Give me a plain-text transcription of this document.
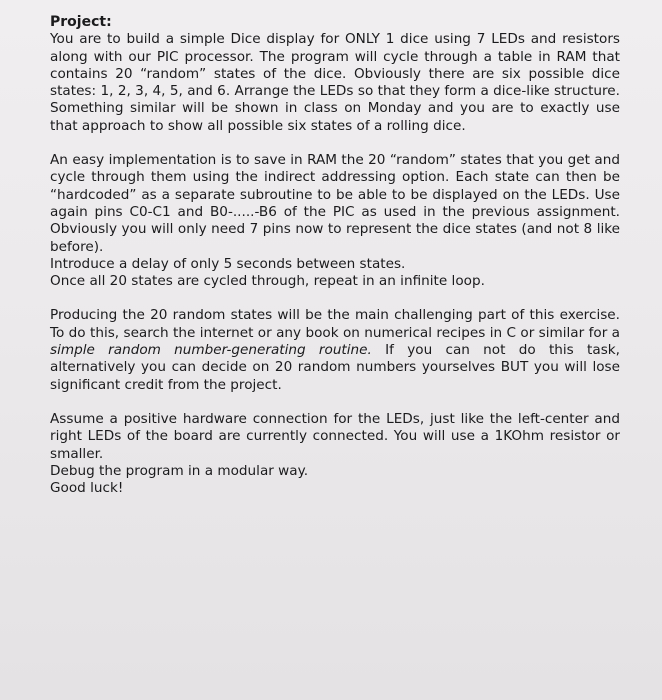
Project:

You are to build a simple Dice display for ONLY 1 dice using 7 LEDs and resistors along with our PIC processor. The program will cycle through a table in RAM that contains 20 “random” states of the dice. Obviously there are six possible dice states: 1, 2, 3, 4, 5, and 6. Arrange the LEDs so that they form a dice-like structure. Something similar will be shown in class on Monday and you are to exactly use that approach to show all possible six states of a rolling dice.

An easy implementation is to save in RAM the 20 “random” states that you get and cycle through them using the indirect addressing option. Each state can then be “hardcoded” as a separate subroutine to be able to be displayed on the LEDs. Use again pins C0-C1 and B0-.....-B6 of the PIC as used in the previous assignment. Obviously you will only need 7 pins now to represent the dice states (and not 8 like before).

Introduce a delay of only 5 seconds between states.

Once all 20 states are cycled through, repeat in an infinite loop.

Producing the 20 random states will be the main challenging part of this exercise. To do this, search the internet or any book on numerical recipes in C or similar for a simple random number-generating routine. If you can not do this task, alternatively you can decide on 20 random numbers yourselves BUT you will lose significant credit from the project.

Assume a positive hardware connection for the LEDs, just like the left-center and right LEDs of the board are currently connected. You will use a 1KOhm resistor or smaller.

Debug the program in a modular way.

Good luck!
